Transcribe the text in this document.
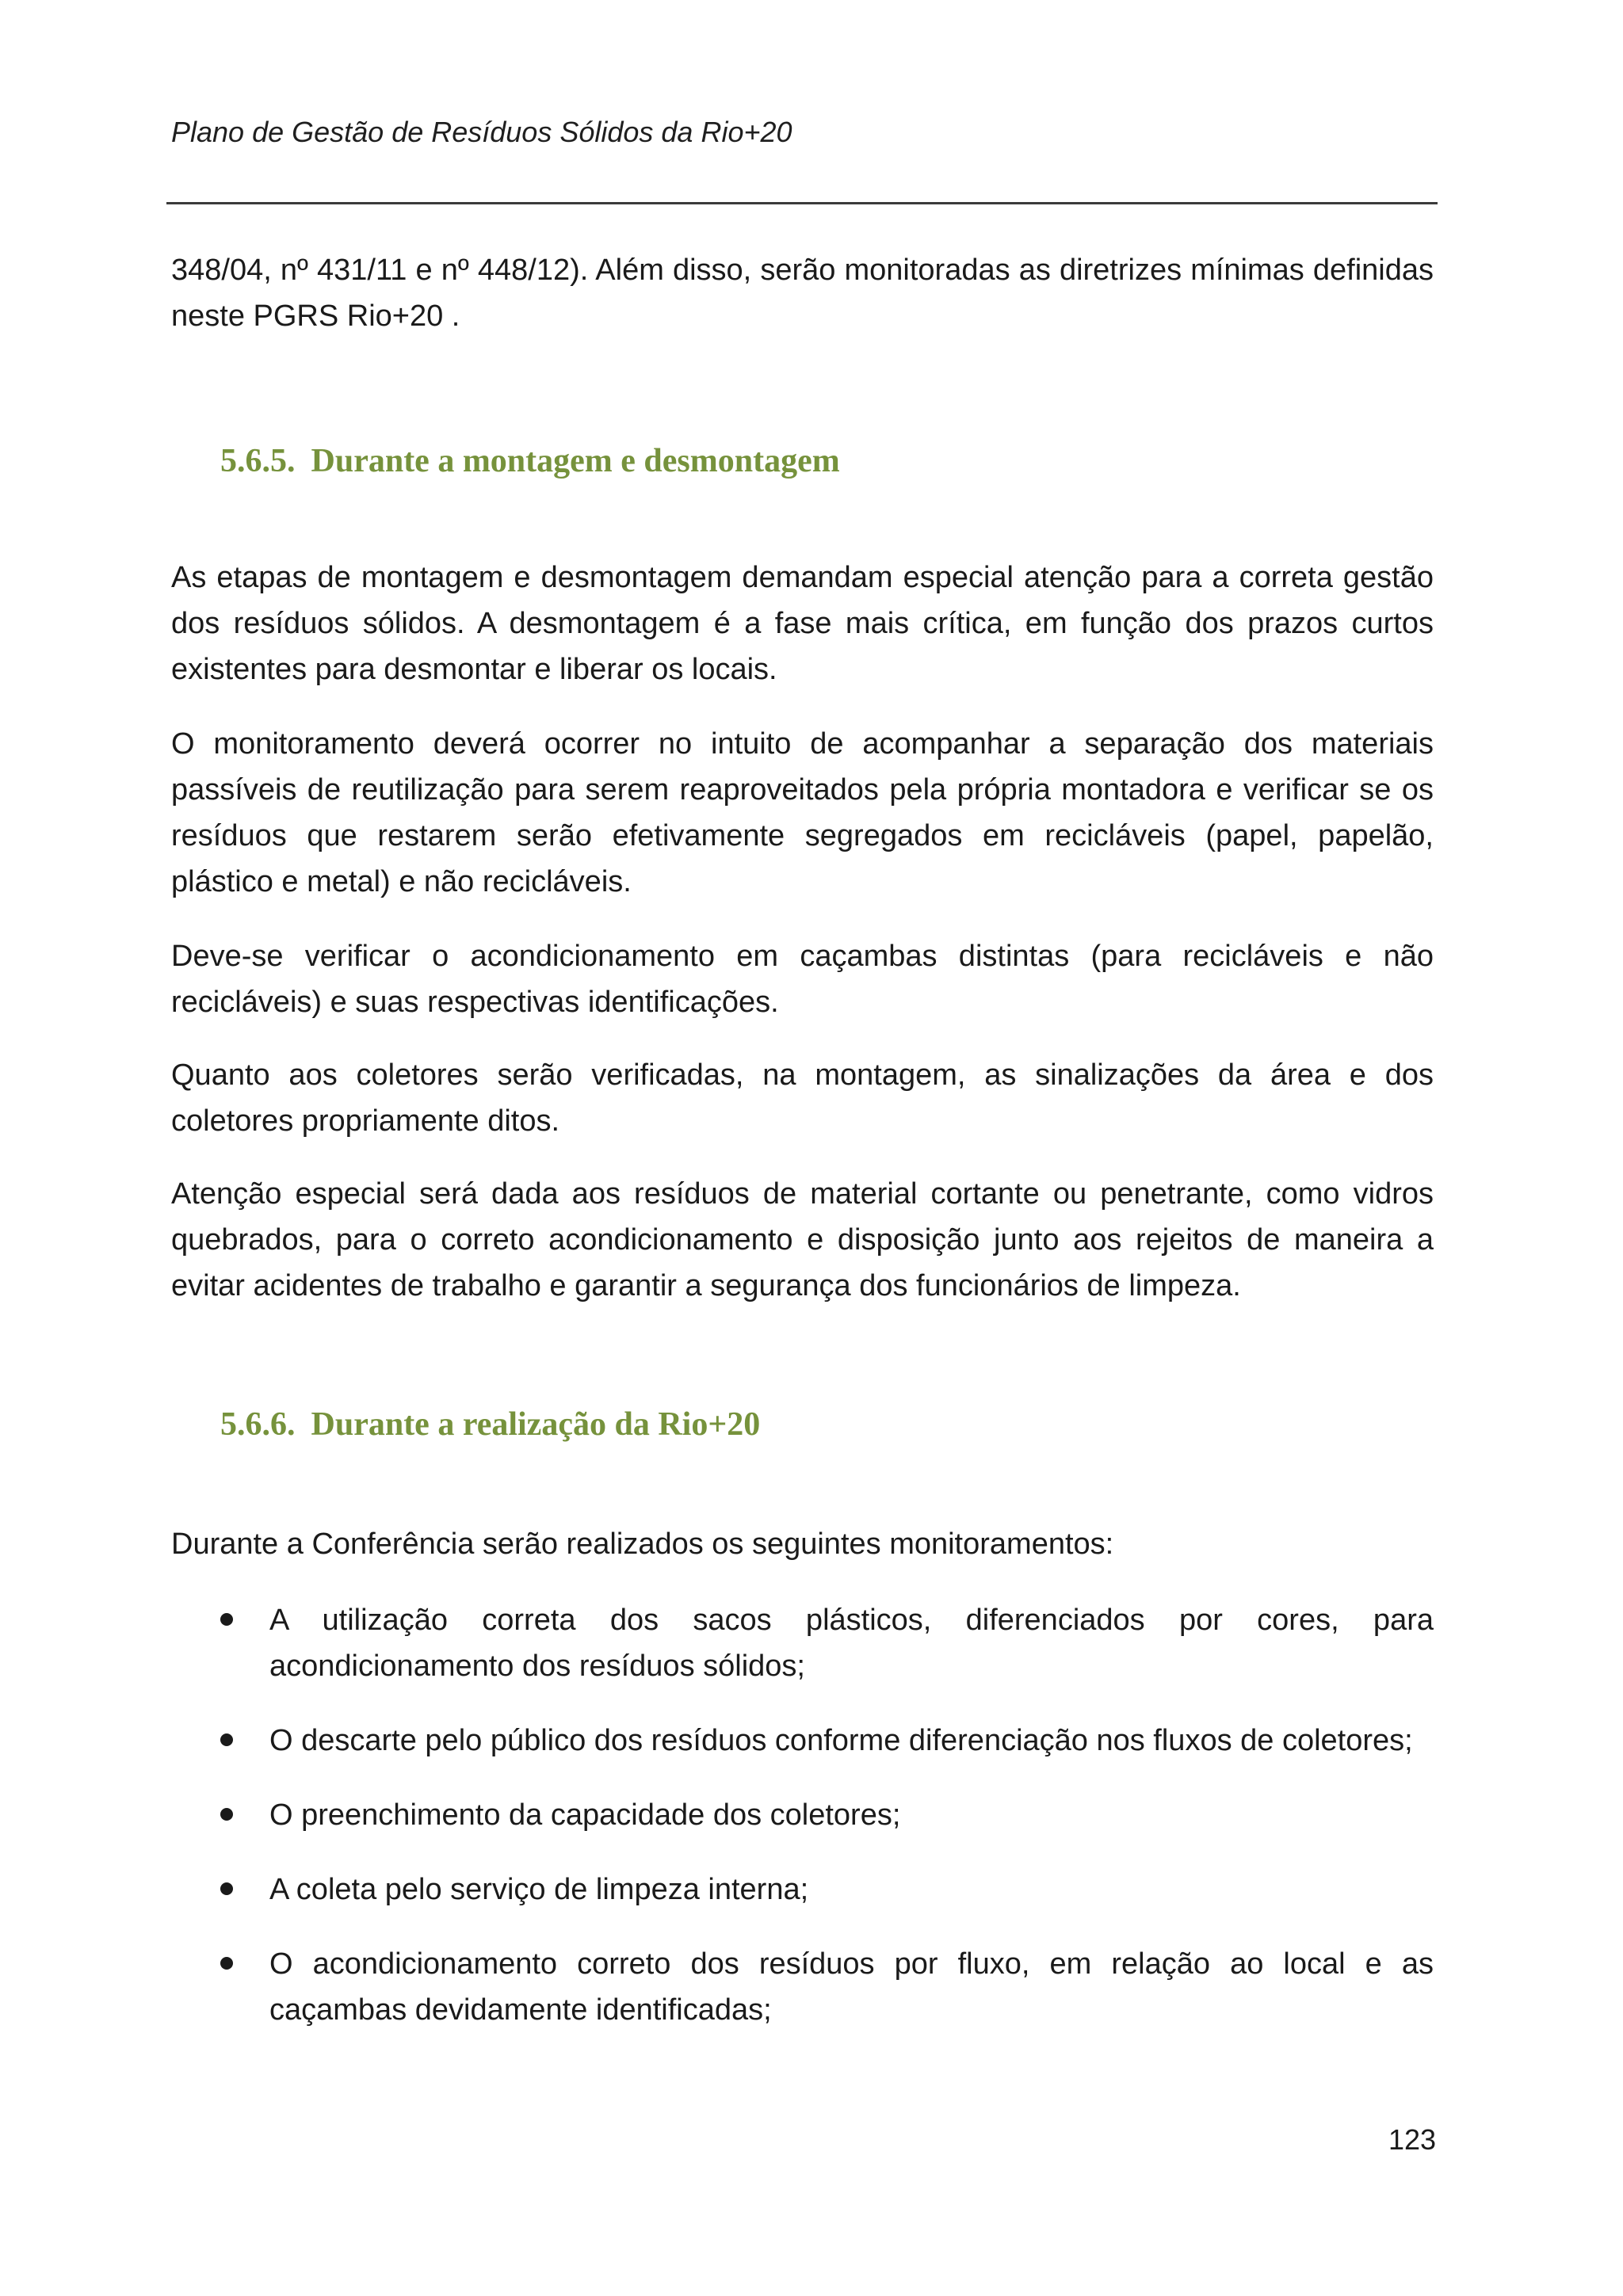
Plano de Gestão de Resíduos Sólidos da Rio+20

348/04, nº 431/11 e nº 448/12). Além disso, serão monitoradas as diretrizes mínimas definidas neste PGRS Rio+20 .

5.6.5. Durante a montagem e desmontagem

As etapas de montagem e desmontagem demandam especial atenção para a correta gestão dos resíduos sólidos. A desmontagem é a fase mais crítica, em função dos prazos curtos existentes para desmontar e liberar os locais.

O monitoramento deverá ocorrer no intuito de acompanhar a separação dos materiais passíveis de reutilização para serem reaproveitados pela própria montadora e verificar se os resíduos que restarem serão efetivamente segregados em recicláveis (papel, papelão, plástico e metal) e não recicláveis.

Deve-se verificar o acondicionamento em caçambas distintas (para recicláveis e não recicláveis) e suas respectivas identificações.

Quanto aos coletores serão verificadas, na montagem, as sinalizações da área e dos coletores propriamente ditos.

Atenção especial será dada aos resíduos de material cortante ou penetrante, como vidros quebrados, para o correto acondicionamento e disposição junto aos rejeitos de maneira a evitar acidentes de trabalho e garantir a segurança dos funcionários de limpeza.

5.6.6. Durante a realização da Rio+20

Durante a Conferência serão realizados os seguintes monitoramentos:

A utilização correta dos sacos plásticos, diferenciados por cores, para acondicionamento dos resíduos sólidos;
O descarte pelo público dos resíduos conforme diferenciação nos fluxos de coletores;
O preenchimento da capacidade dos coletores;
A coleta pelo serviço de limpeza interna;
O acondicionamento correto dos resíduos por fluxo, em relação ao local e as caçambas devidamente identificadas;
123
